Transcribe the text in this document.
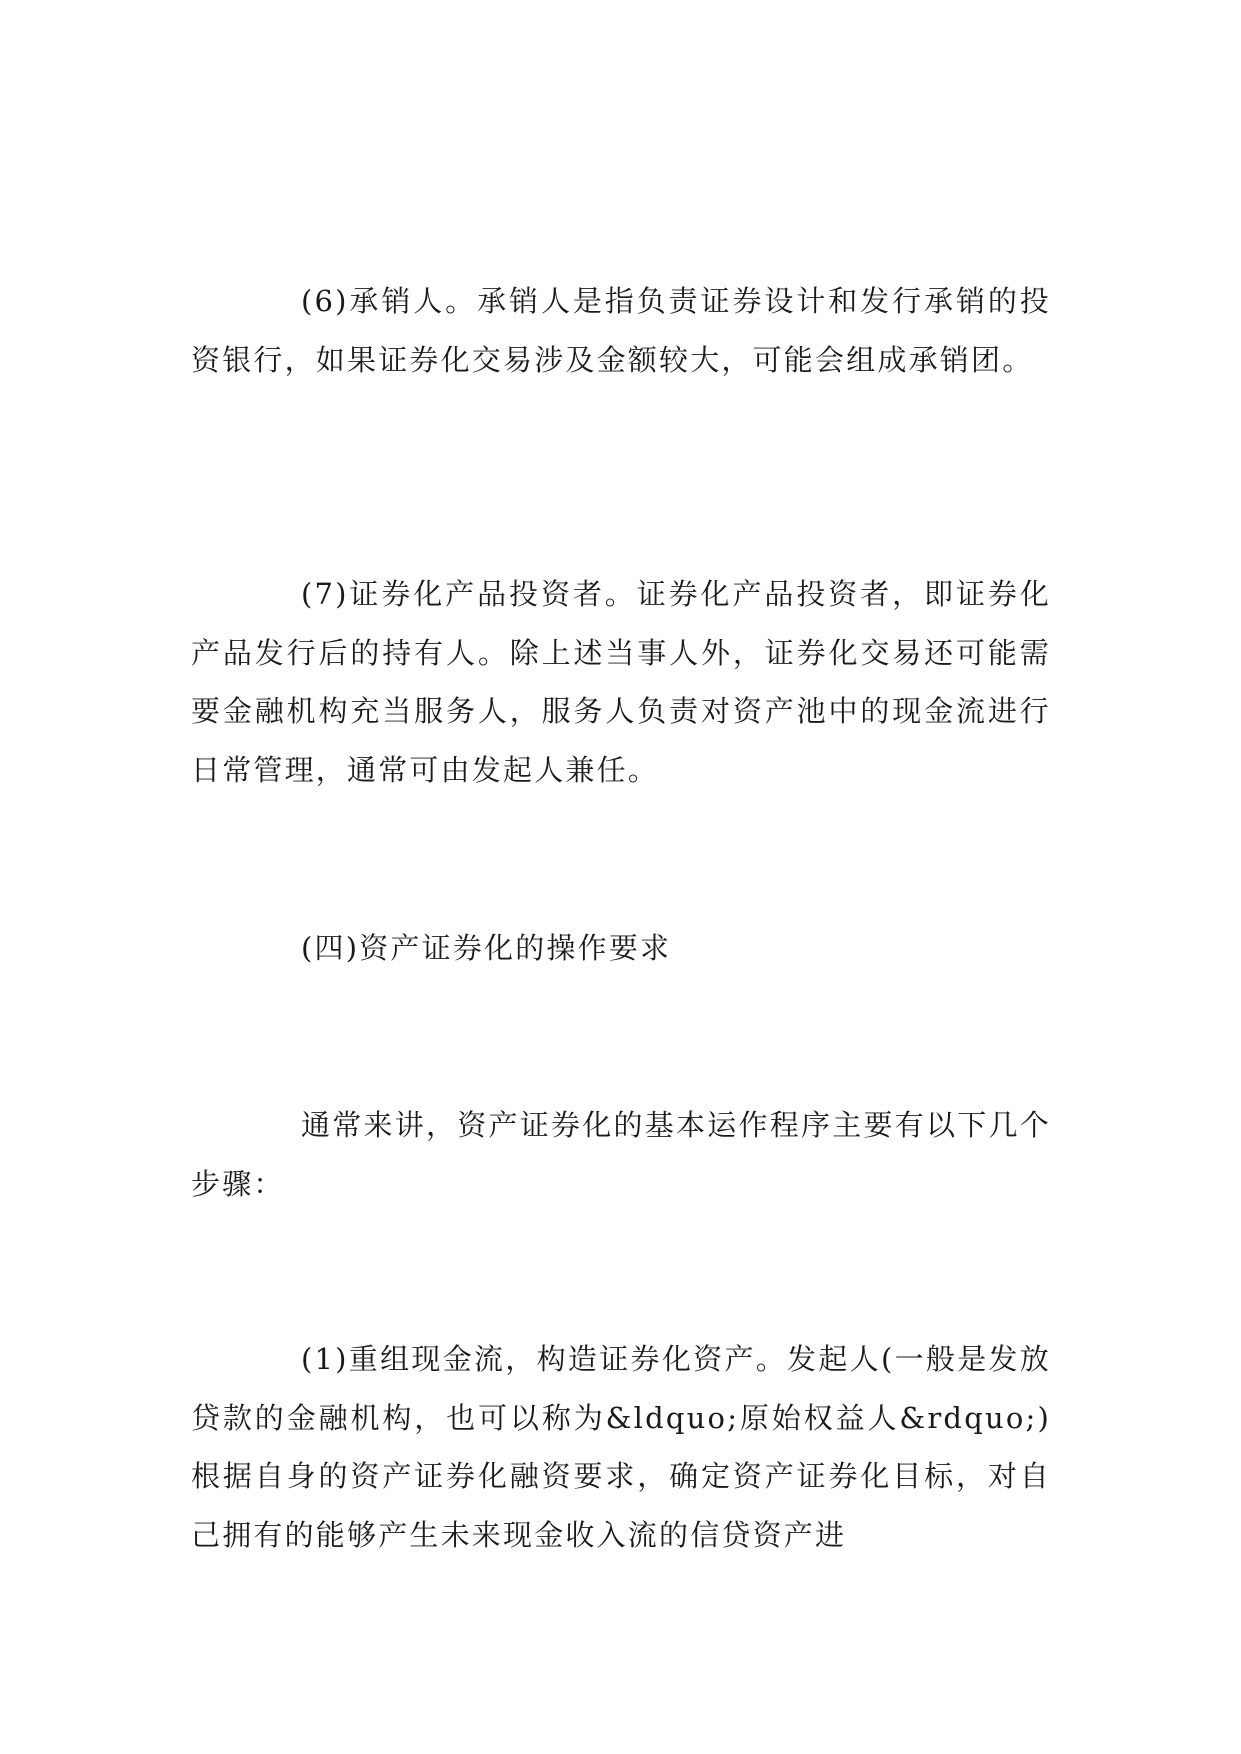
(6)承销人。承销人是指负责证券设计和发行承销的投资银行，如果证券化交易涉及金额较大，可能会组成承销团。

(7)证券化产品投资者。证券化产品投资者，即证券化产品发行后的持有人。除上述当事人外，证券化交易还可能需要金融机构充当服务人，服务人负责对资产池中的现金流进行日常管理，通常可由发起人兼任。

(四)资产证券化的操作要求

通常来讲，资产证券化的基本运作程序主要有以下几个步骤：

(1)重组现金流，构造证券化资产。发起人(一般是发放贷款的金融机构，也可以称为&ldquo;原始权益人&rdquo;)根据自身的资产证券化融资要求，确定资产证券化目标，对自己拥有的能够产生未来现金收入流的信贷资产进
